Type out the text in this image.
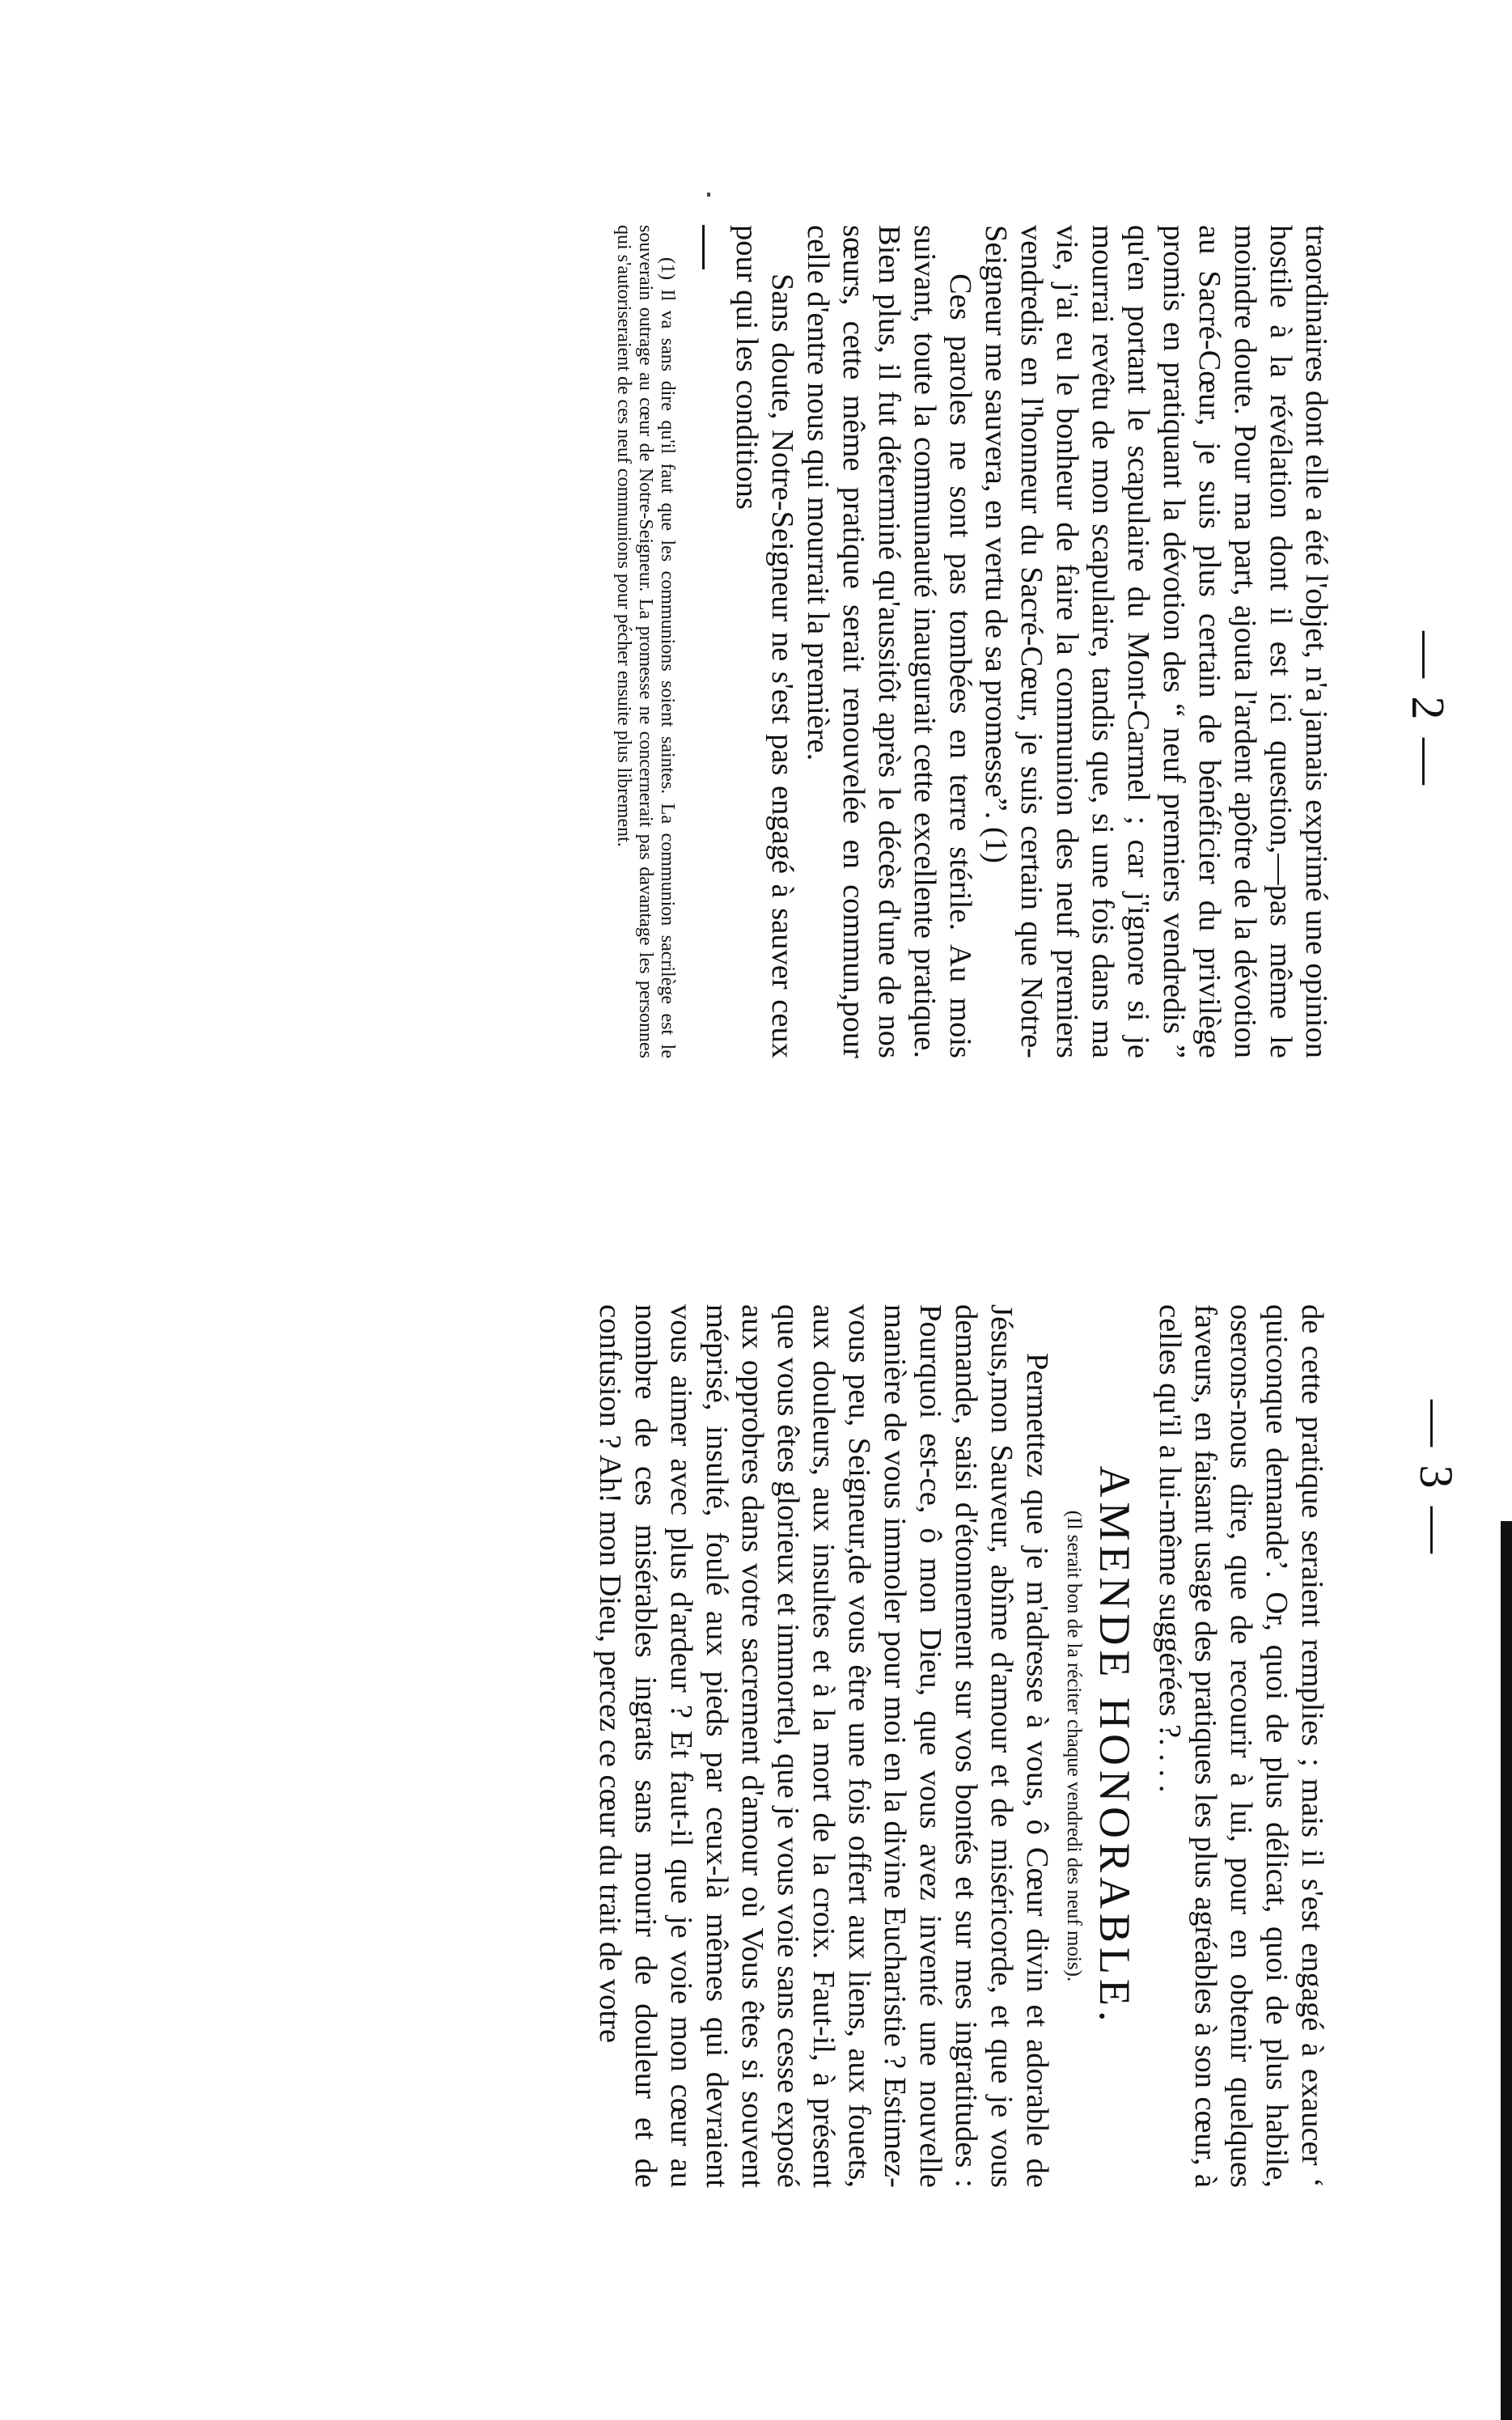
— 2 —

traordinaires dont elle a été l'objet, n'a jamais exprimé une opinion hostile à la révélation dont il est ici question,—pas même le moindre doute. Pour ma part, ajouta l'ardent apôtre de la dévotion au Sacré-Cœur, je suis plus certain de bénéficier du privilège promis en pratiquant la dévotion des “ neuf premiers vendredis ” qu'en portant le scapulaire du Mont-Carmel ; car j'ignore si je mourrai revêtu de mon scapulaire, tandis que, si une fois dans ma vie, j'ai eu le bonheur de faire la communion des neuf premiers vendredis en l'honneur du Sacré-Cœur, je suis certain que Notre-Seigneur me sauvera, en vertu de sa promesse”. (1)

Ces paroles ne sont pas tombées en terre stérile. Au mois suivant, toute la communauté inaugurait cette excellente pratique. Bien plus, il fut déterminé qu'aussitôt après le décès d'une de nos sœurs, cette même pratique serait renouvelée en commun,pour celle d'entre nous qui mourrait la première.

Sans doute, Notre-Seigneur ne s'est pas engagé à sauver ceux pour qui les conditions

(1) Il va sans dire qu'il faut que les communions soient saintes. La communion sacrilège est le souverain outrage au cœur de Notre-Seigneur. La promesse ne concernerait pas davantage les personnes qui s'autoriseraient de ces neuf communions pour pécher ensuite plus librement.

— 3 —

de cette pratique seraient remplies ; mais il s'est engagé à exaucer ‘ quiconque demande’. Or, quoi de plus délicat, quoi de plus habile, oserons-nous dire, que de recourir à lui, pour en obtenir quelques faveurs, en faisant usage des pratiques les plus agréables à son cœur, à celles qu'il a lui-même suggérées ?. . . .

AMENDE HONORABLE.
(Il serait bon de la réciter chaque vendredi des neuf mois).

Permettez que je m'adresse à vous, ô Cœur divin et adorable de Jésus,mon Sauveur, abîme d'amour et de miséricorde, et que je vous demande, saisi d'étonnement sur vos bontés et sur mes ingratitudes : Pourquoi est-ce, ô mon Dieu, que vous avez inventé une nouvelle manière de vous immoler pour moi en la divine Eucharistie ? Estimez-vous peu, Seigneur,de vous être une fois offert aux liens, aux fouets, aux douleurs, aux insultes et à la mort de la croix. Faut-il, à présent que vous êtes glorieux et immortel, que je vous voie sans cesse exposé aux opprobres dans votre sacrement d'amour où Vous êtes si souvent méprisé, insulté, foulé aux pieds par ceux-là mêmes qui devraient vous aimer avec plus d'ardeur ? Et faut-il que je voie mon cœur au nombre de ces misérables ingrats sans mourir de douleur et de confusion ? Ah! mon Dieu, percez ce cœur du trait de votre
